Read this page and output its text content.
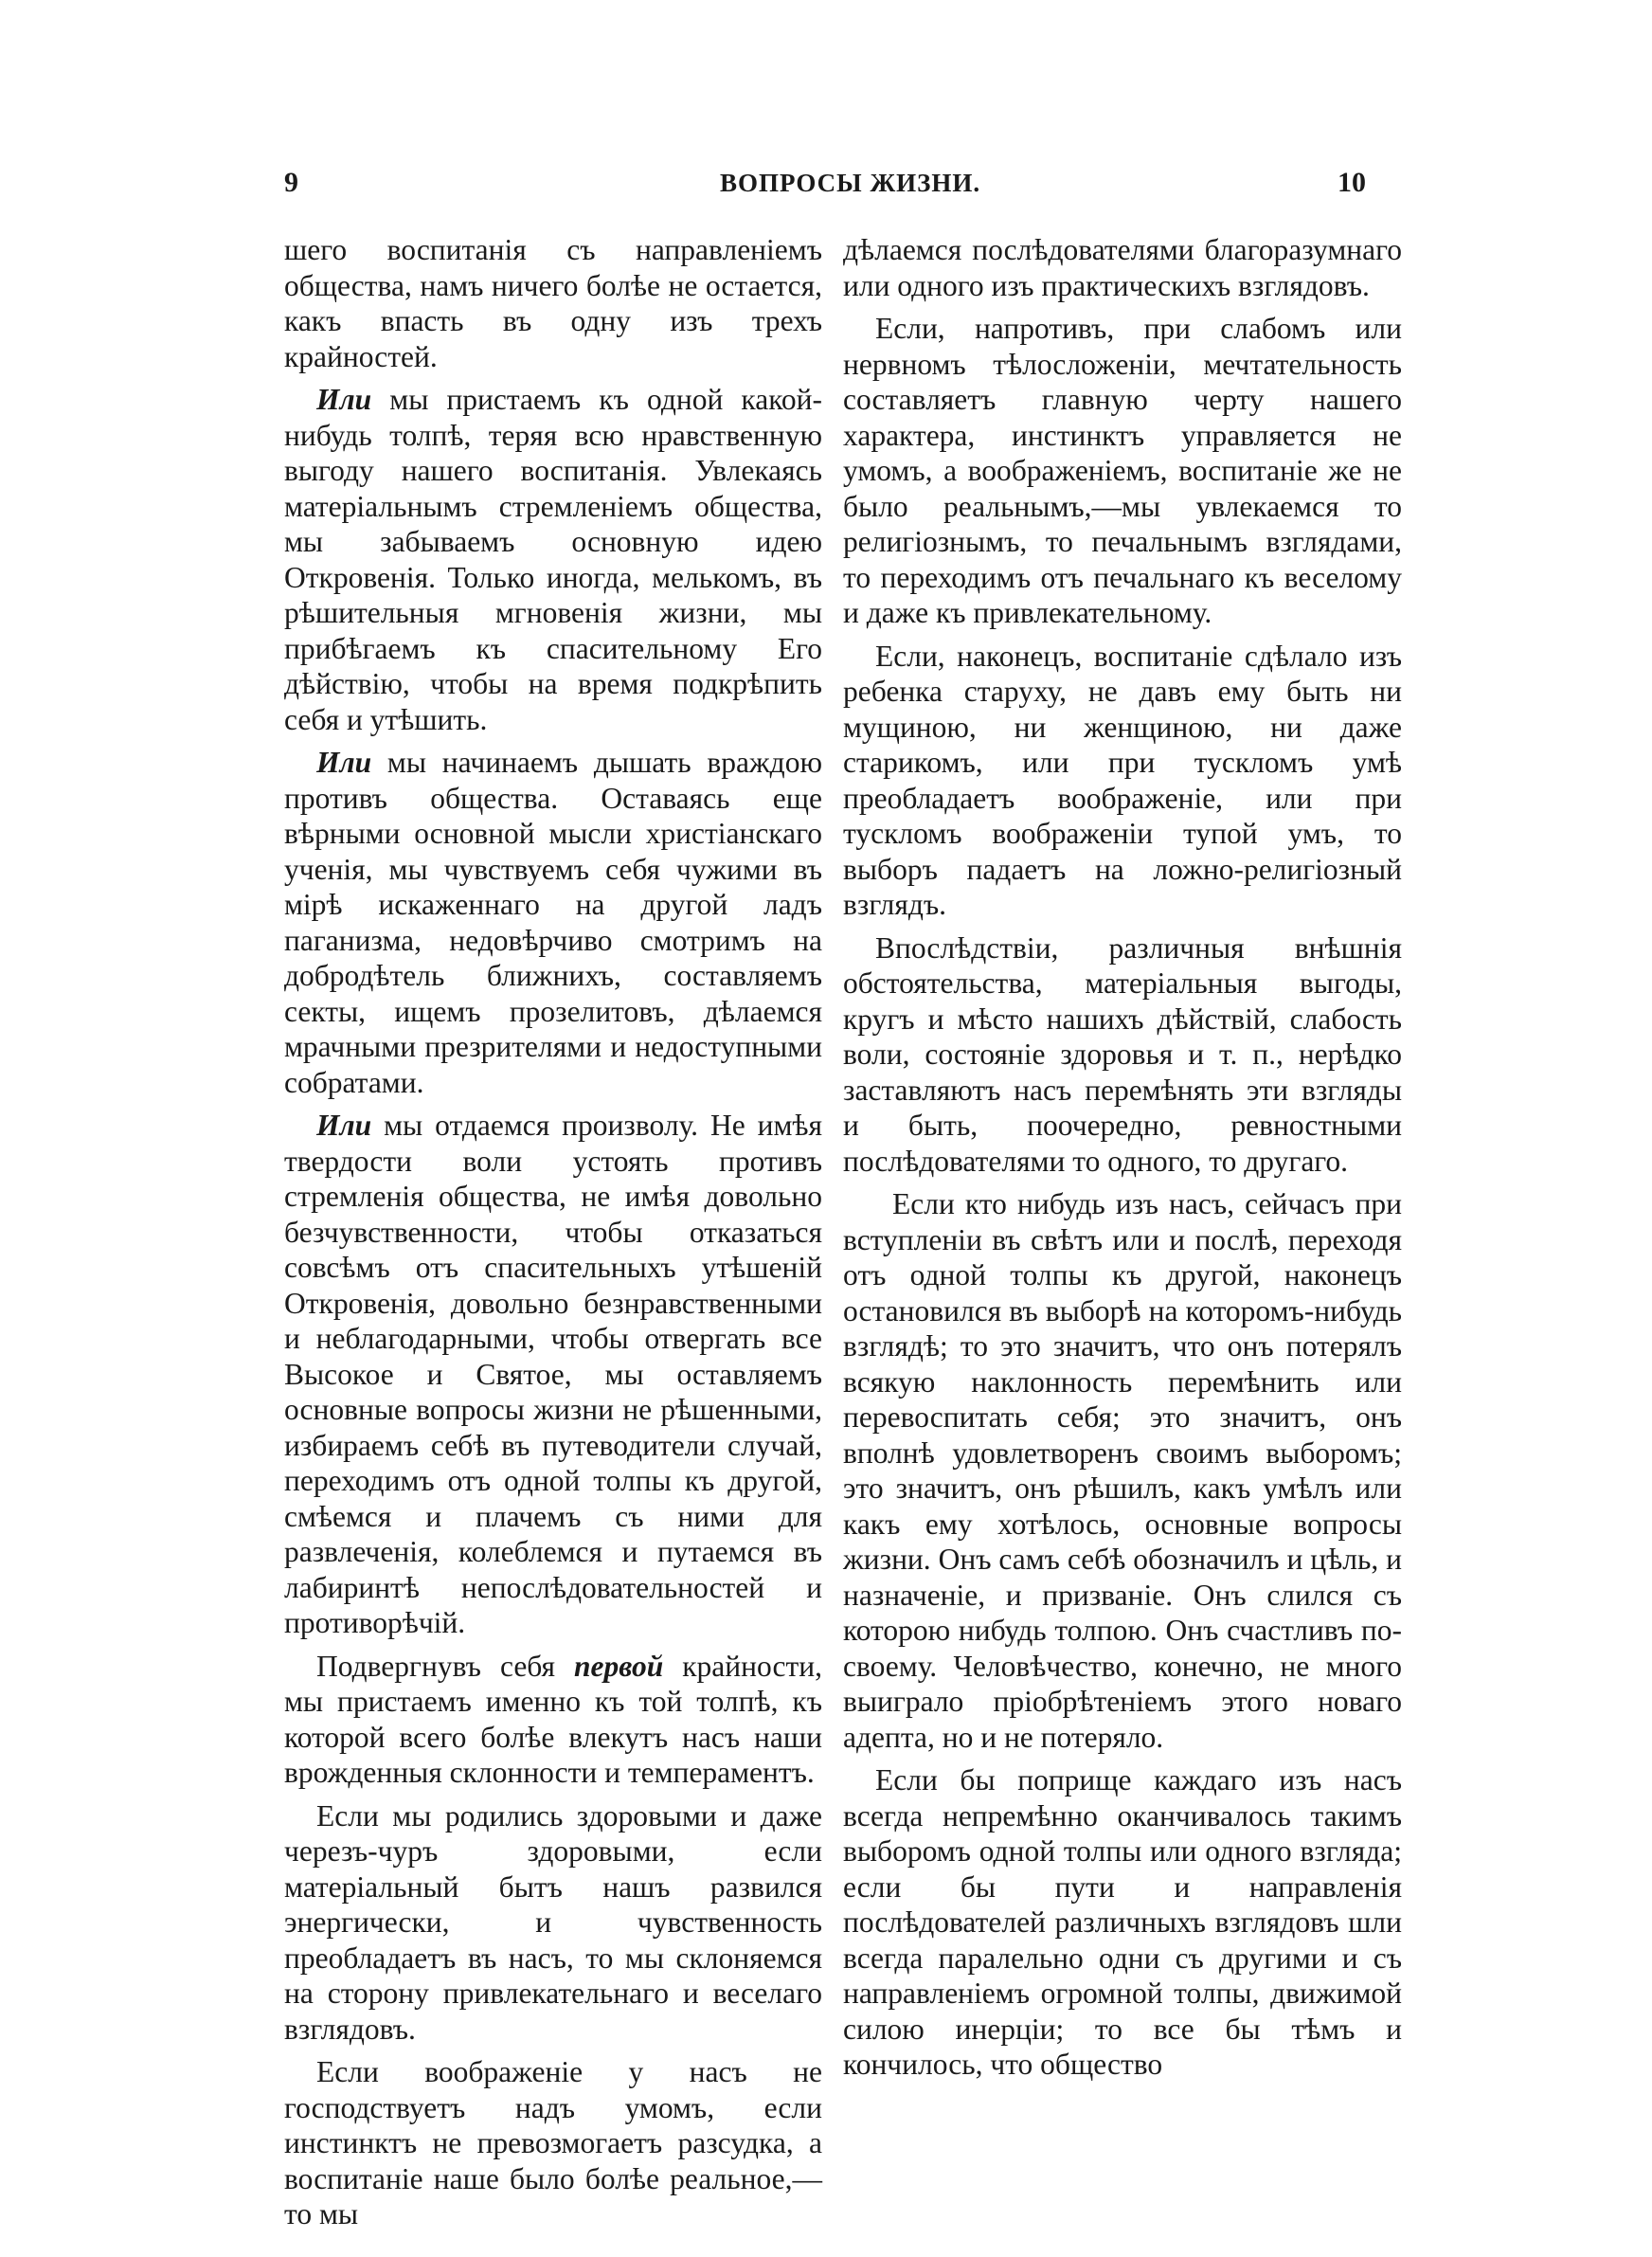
9	ВОПРОСЫ ЖИЗНИ.	10

шего воспитанія съ направленіемъ общества, намъ ничего болѣе не остается, какъ впасть въ одну изъ трехъ крайностей.

Или мы пристаемъ къ одной какой-нибудь толпѣ, теряя всю нравственную выгоду нашего воспитанія. Увлекаясь матеріальнымъ стремленіемъ общества, мы забываемъ основную идею Откровенія. Только иногда, мелькомъ, въ рѣшительныя мгновенія жизни, мы прибѣгаемъ къ спасительному Его дѣйствію, чтобы на время подкрѣпить себя и утѣшить.

Или мы начинаемъ дышать враждою противъ общества. Оставаясь еще вѣрными основной мысли христіанскаго ученія, мы чувствуемъ себя чужими въ мірѣ искаженнаго на другой ладъ паганизма, недовѣрчиво смотримъ на добродѣтель ближнихъ, составляемъ секты, ищемъ прозелитовъ, дѣлаемся мрачными презрителями и недоступными собратами.

Или мы отдаемся произволу. Не имѣя твердости воли устоять противъ стремленія общества, не имѣя довольно безчувственности, чтобы отказаться совсѣмъ отъ спасительныхъ утѣшеній Откровенія, довольно безнравственными и неблагодарными, чтобы отвергать все Высокое и Святое, мы оставляемъ основные вопросы жизни не рѣшенными, избираемъ себѣ въ путеводители случай, переходимъ отъ одной толпы къ другой, смѣемся и плачемъ съ ними для развлеченія, колеблемся и путаемся въ лабиринтѣ непослѣдовательностей и противорѣчій.

Подвергнувъ себя первой крайности, мы пристаемъ именно къ той толпѣ, къ которой всего болѣе влекутъ насъ наши врожденныя склонности и темпераментъ.

Если мы родились здоровыми и даже черезъ-чуръ здоровыми, если матеріальный бытъ нашъ развился энергически, и чувственность преобладаетъ въ насъ, то мы склоняемся на сторону привлекательнаго и веселаго взглядовъ.

Если воображеніе у насъ не господствуетъ надъ умомъ, если инстинктъ не превозмогаетъ разсудка, а воспитаніе наше было болѣе реальное,—то мы

дѣлаемся послѣдователями благоразумнаго или одного изъ практическихъ взглядовъ.

Если, напротивъ, при слабомъ или нервномъ тѣлосложеніи, мечтательность составляетъ главную черту нашего характера, инстинктъ управляется не умомъ, а воображеніемъ, воспитаніе же не было реальнымъ,—мы увлекаемся то религіознымъ, то печальнымъ взглядами, то переходимъ отъ печальнаго къ веселому и даже къ привлекательному.

Если, наконецъ, воспитаніе сдѣлало изъ ребенка старуху, не давъ ему быть ни мущиною, ни женщиною, ни даже старикомъ, или при тускломъ умѣ преобладаетъ воображеніе, или при тускломъ воображеніи тупой умъ, то выборъ падаетъ на ложно-религіозный взглядъ.

Впослѣдствіи, различныя внѣшнія обстоятельства, матеріальныя выгоды, кругъ и мѣсто нашихъ дѣйствій, слабость воли, состояніе здоровья и т. п., нерѣдко заставляютъ насъ перемѣнять эти взгляды и быть, поочередно, ревностными послѣдователями то одного, то другаго.

Если кто нибудь изъ насъ, сейчасъ при вступленіи въ свѣтъ или и послѣ, переходя отъ одной толпы къ другой, наконецъ остановился въ выборѣ на которомъ-нибудь взглядѣ; то это значитъ, что онъ потерялъ всякую наклонность перемѣнить или перевоспитать себя; это значитъ, онъ вполнѣ удовлетворенъ своимъ выборомъ; это значитъ, онъ рѣшилъ, какъ умѣлъ или какъ ему хотѣлось, основные вопросы жизни. Онъ самъ себѣ обозначилъ и цѣль, и назначеніе, и призваніе. Онъ слился съ которою нибудь толпою. Онъ счастливъ по-своему. Человѣчество, конечно, не много выиграло пріобрѣтеніемъ этого новаго адепта, но и не потеряло.

Если бы поприще каждаго изъ насъ всегда непремѣнно оканчивалось такимъ выборомъ одной толпы или одного взгляда; если бы пути и направленія послѣдователей различныхъ взглядовъ шли всегда паралельно одни съ другими и съ направленіемъ огромной толпы, движимой силою инерціи; то все бы тѣмъ и кончилось, что общество
